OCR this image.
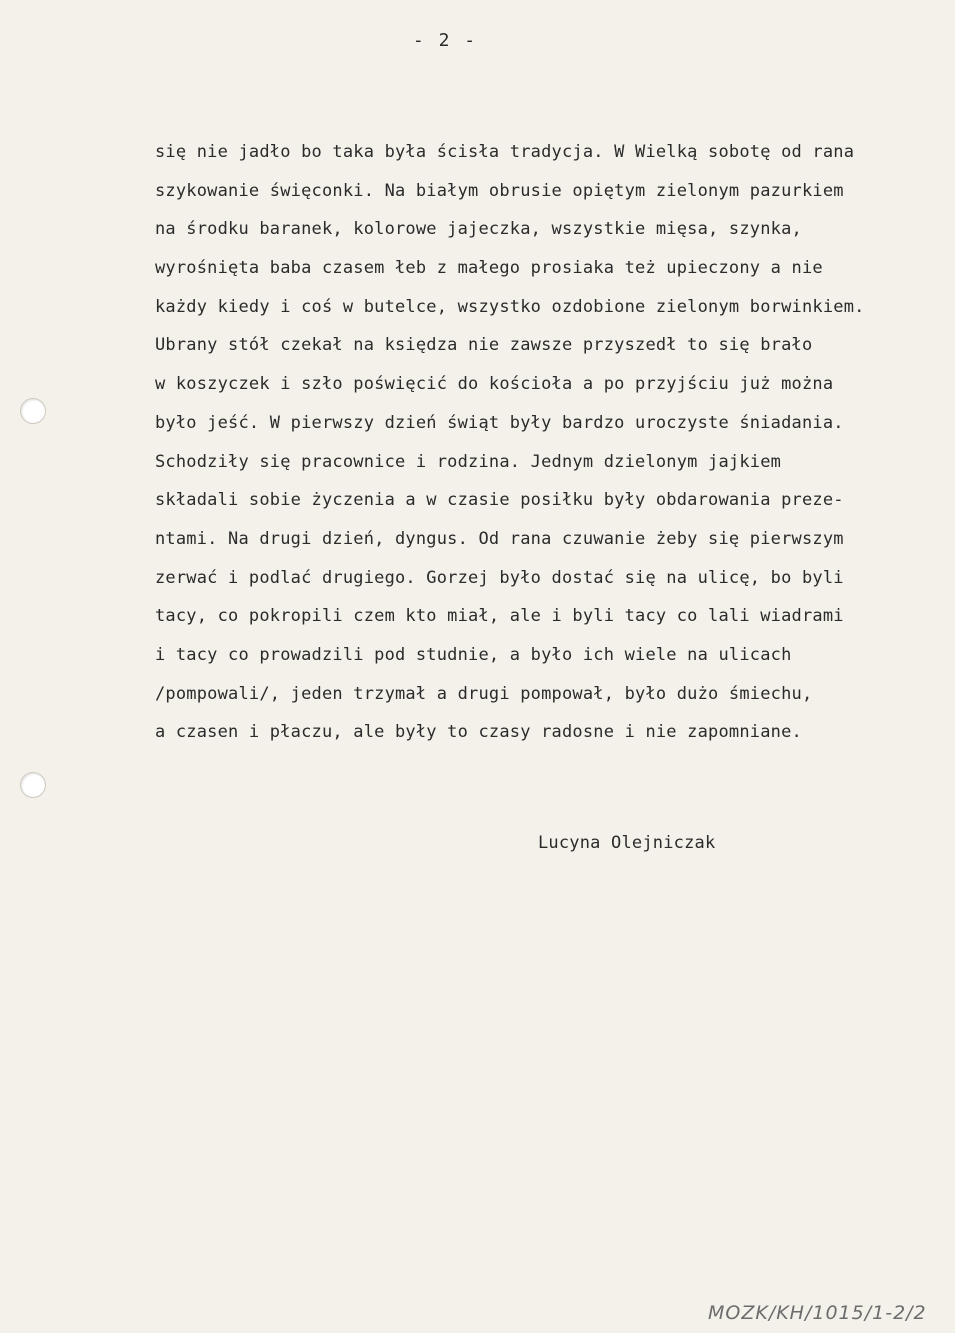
- 2 -
się nie jadło bo taka była ścisła tradycja. W Wielką sobotę od rana
szykowanie święconki. Na białym obrusie opiętym zielonym pazurkiem
na środku baranek, kolorowe jajeczka, wszystkie mięsa, szynka,
wyrośnięta baba czasem łeb z małego prosiaka też upieczony a nie
każdy kiedy i coś w butelce, wszystko ozdobione zielonym borwinkiem.
Ubrany stół czekał na księdza nie zawsze przyszedł to się brało
w koszyczek i szło poświęcić do kościoła a po przyjściu już można
było jeść. W pierwszy dzień świąt były bardzo uroczyste śniadania.
Schodziły się pracownice i rodzina. Jednym dzielonym jajkiem
składali sobie życzenia a w czasie posiłku były obdarowania preze-
ntami. Na drugi dzień, dyngus. Od rana czuwanie żeby się pierwszym
zerwać i podlać drugiego. Gorzej było dostać się na ulicę, bo byli
tacy, co pokropili czem kto miał, ale i byli tacy co lali wiadrami
i tacy co prowadzili pod studnie, a było ich wiele na ulicach
/pompowali/, jeden trzymał a drugi pompował, było dużo śmiechu,
a czasen i płaczu, ale były to czasy radosne i nie zapomniane.
Lucyna Olejniczak
MOZK/KH/1015/1-2/2
